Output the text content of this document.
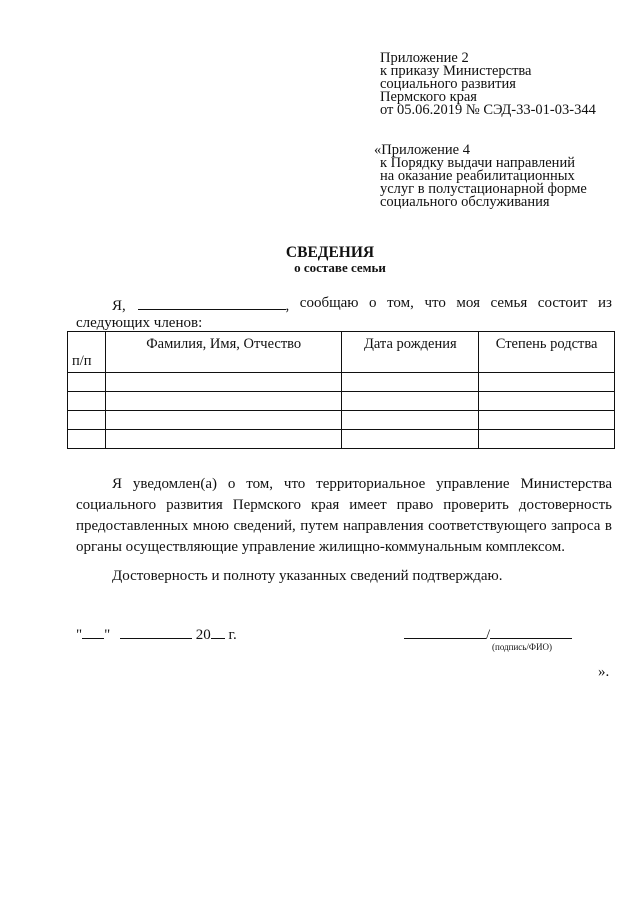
Приложение 2
к приказу Министерства
социального развития
Пермского края
от 05.06.2019 № СЭД-33-01-03-344
«Приложение 4
к Порядку выдачи направлений
на оказание реабилитационных
услуг в полустационарной форме
социального обслуживания
СВЕДЕНИЯ
о составе семьи
Я,	, сообщаю о том, что моя семья состоит из
следующих членов:
п/п	Фамилия, Имя, Отчество	Дата рождения	Степень родства

Я уведомлен(а) о том, что территориальное управление Министерства социального развития Пермского края имеет право проверить достоверность предоставленных мною сведений, путем направления соответствующего запроса в органы осуществляющие управление жилищно-коммунальным комплексом.
Достоверность и полноту указанных сведений подтверждаю.
" "	20 г.	/
(подпись/ФИО)
».
